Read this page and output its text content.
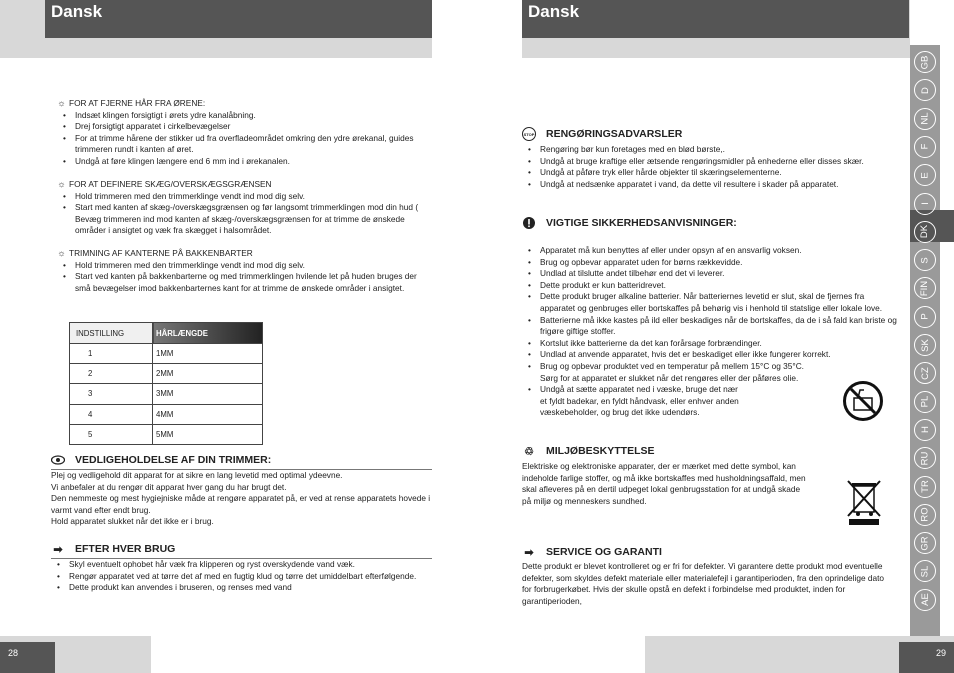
Dansk	Dansk
28	29
☼ FOR AT FJERNE HÅR FRA ØRENE:
• Indsæt klingen forsigtigt i ørets ydre kanalåbning.
• Drej forsigtigt apparatet i cirkelbevægelser
• For at trimme hårene der stikker ud fra overfladeområdet omkring den ydre ørekanal, guides trimmeren rundt i kanten af øret.
• Undgå at føre klingen længere end 6 mm ind i ørekanalen.
☼ FOR AT DEFINERE SKÆG/OVERSKÆGSGRÆNSEN
• Hold trimmeren med den trimmerklinge vendt ind mod dig selv.
• Start med kanten af skæg-/overskægsgrænsen og før langsomt trimmerklingen mod din hud ( Bevæg trimmeren ind mod kanten af skæg-/overskægsgrænsen for at trimme de ønskede områder i ansigtet og væk fra skægget i halsområdet.
☼ TRIMNING AF KANTERNE PÅ BAKKENBARTER
• Hold trimmeren med den trimmerklinge vendt ind mod dig selv.
• Start ved kanten på bakkenbarterne og med trimmerklingen hvilende let på huden bruges der små bevægelser imod bakkenbarternes kant for at trimme de ønskede områder i ansigtet.
INDSTILLING	HÅRLÆNGDE
1	1MM
2	2MM
3	3MM
4	4MM
5	5MM
VEDLIGEHOLDELSE AF DIN TRIMMER:
Plej og vedligehold dit apparat for at sikre en lang levetid med optimal ydeevne.
Vi anbefaler at du rengør dit apparat hver gang du har brugt det.
Den nemmeste og mest hygiejniske måde at rengøre apparatet på, er ved at rense apparatets hovede i varmt vand efter endt brug.
Hold apparatet slukket når det ikke er i brug.
➡ EFTER HVER BRUG
• Skyl eventuelt ophobet hår væk fra klipperen og ryst overskydende vand væk.
• Rengør apparatet ved at tørre det af med en fugtig klud og tørre det umiddelbart efterfølgende.
• Dette produkt kan anvendes i bruseren, og renses med vand
STOP RENGØRINGSADVARSLER
• Rengøring bør kun foretages med en blød børste,.
• Undgå at bruge kraftige eller ætsende rengøringsmidler på enhederne eller disses skær.
• Undgå at påføre tryk eller hårde objekter til skæringselementerne.
• Undgå at nedsænke apparatet i vand, da dette vil resultere i skader på apparatet.
VIGTIGE SIKKERHEDSANVISNINGER:
• Apparatet må kun benyttes af eller under opsyn af en ansvarlig voksen.
• Brug og opbevar apparatet uden for børns rækkevidde.
• Undlad at tilslutte andet tilbehør end det vi leverer.
• Dette produkt er kun batteridrevet.
• Dette produkt bruger alkaline batterier. Når batteriernes levetid er slut, skal de fjernes fra apparatet og genbruges eller bortskaffes på behørig vis i henhold til statslige eller lokale love.
• Batterierne må ikke kastes på ild eller beskadiges når de bortskaffes, da de i så fald kan briste og frigøre giftige stoffer.
• Kortslut ikke batterierne da det kan forårsage forbrændinger.
• Undlad at anvende apparatet, hvis det er beskadiget eller ikke fungerer korrekt.
• Brug og opbevar produktet ved en temperatur på mellem 15°C og 35°C. Sørg for at apparatet er slukket når det rengøres eller der påføres olie.
• Undgå at sætte apparatet ned i væske, bruge det nær et fyldt badekar, en fyldt håndvask, eller enhver anden væskebeholder, og brug det ikke udendørs.
♲ MILJØBESKYTTELSE
Elektriske og elektroniske apparater, der er mærket med dette symbol, kan indeholde farlige stoffer, og må ikke bortskaffes med husholdningsaffald, men skal afleveres på en dertil udpeget lokal genbrugsstation for at undgå skade på miljø og menneskers sundhed.
➡ SERVICE OG GARANTI
Dette produkt er blevet kontrolleret og er fri for defekter. Vi garantere dette produkt mod eventuelle defekter, som skyldes defekt materiale eller materialefejl i garantiperioden, fra den oprindelige dato for forbrugerkøbet. Hvis der skulle opstå en defekt i forbindelse med produktet, inden for garantiperioden,
GB
D
NL
F
E
I
DK
S
FIN
P
SK
CZ
PL
H
RU
TR
RO
GR
SL
AE
